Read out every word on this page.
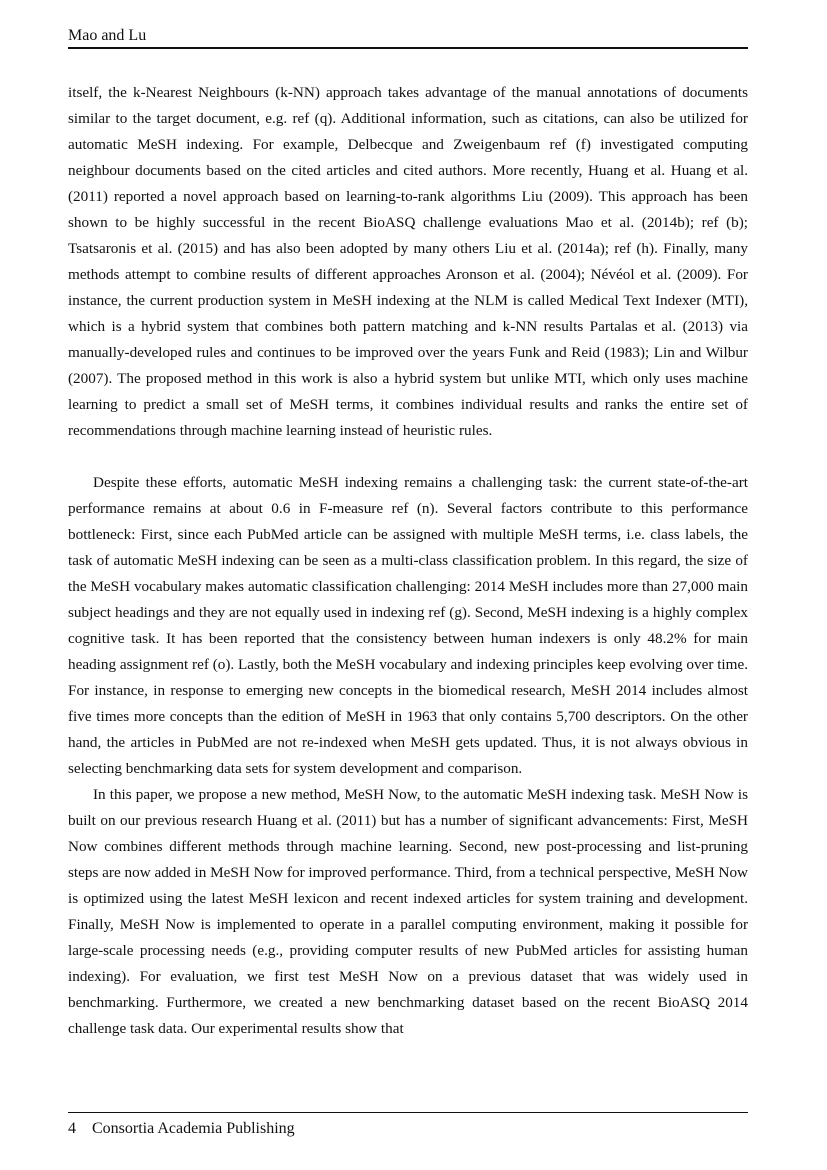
Mao and Lu

itself, the k-Nearest Neighbours (k-NN) approach takes advantage of the manual annotations of documents similar to the target document, e.g. ref (q). Additional information, such as citations, can also be utilized for automatic MeSH indexing. For example, Delbecque and Zweigenbaum ref (f) investigated computing neighbour documents based on the cited articles and cited authors. More recently, Huang et al. Huang et al. (2011) reported a novel approach based on learning-to-rank algorithms Liu (2009). This approach has been shown to be highly successful in the recent BioASQ challenge evaluations Mao et al. (2014b); ref (b); Tsatsaronis et al. (2015) and has also been adopted by many others Liu et al. (2014a); ref (h). Finally, many methods attempt to combine results of different approaches Aronson et al. (2004); Névéol et al. (2009). For instance, the current production system in MeSH indexing at the NLM is called Medical Text Indexer (MTI), which is a hybrid system that combines both pattern matching and k-NN results Partalas et al. (2013) via manually-developed rules and continues to be improved over the years Funk and Reid (1983); Lin and Wilbur (2007). The proposed method in this work is also a hybrid system but unlike MTI, which only uses machine learning to predict a small set of MeSH terms, it combines individual results and ranks the entire set of recommendations through machine learning instead of heuristic rules.

Despite these efforts, automatic MeSH indexing remains a challenging task: the current state-of-the-art performance remains at about 0.6 in F-measure ref (n). Several factors contribute to this performance bottleneck: First, since each PubMed article can be assigned with multiple MeSH terms, i.e. class labels, the task of automatic MeSH indexing can be seen as a multi-class classification problem. In this regard, the size of the MeSH vocabulary makes automatic classification challenging: 2014 MeSH includes more than 27,000 main subject headings and they are not equally used in indexing ref (g). Second, MeSH indexing is a highly complex cognitive task. It has been reported that the consistency between human indexers is only 48.2% for main heading assignment ref (o). Lastly, both the MeSH vocabulary and indexing principles keep evolving over time. For instance, in response to emerging new concepts in the biomedical research, MeSH 2014 includes almost five times more concepts than the edition of MeSH in 1963 that only contains 5,700 descriptors. On the other hand, the articles in PubMed are not re-indexed when MeSH gets updated. Thus, it is not always obvious in selecting benchmarking data sets for system development and comparison.

In this paper, we propose a new method, MeSH Now, to the automatic MeSH indexing task. MeSH Now is built on our previous research Huang et al. (2011) but has a number of significant advancements: First, MeSH Now combines different methods through machine learning. Second, new post-processing and list-pruning steps are now added in MeSH Now for improved performance. Third, from a technical perspective, MeSH Now is optimized using the latest MeSH lexicon and recent indexed articles for system training and development. Finally, MeSH Now is implemented to operate in a parallel computing environment, making it possible for large-scale processing needs (e.g., providing computer results of new PubMed articles for assisting human indexing). For evaluation, we first test MeSH Now on a previous dataset that was widely used in benchmarking. Furthermore, we created a new benchmarking dataset based on the recent BioASQ 2014 challenge task data. Our experimental results show that

4 Consortia Academia Publishing
